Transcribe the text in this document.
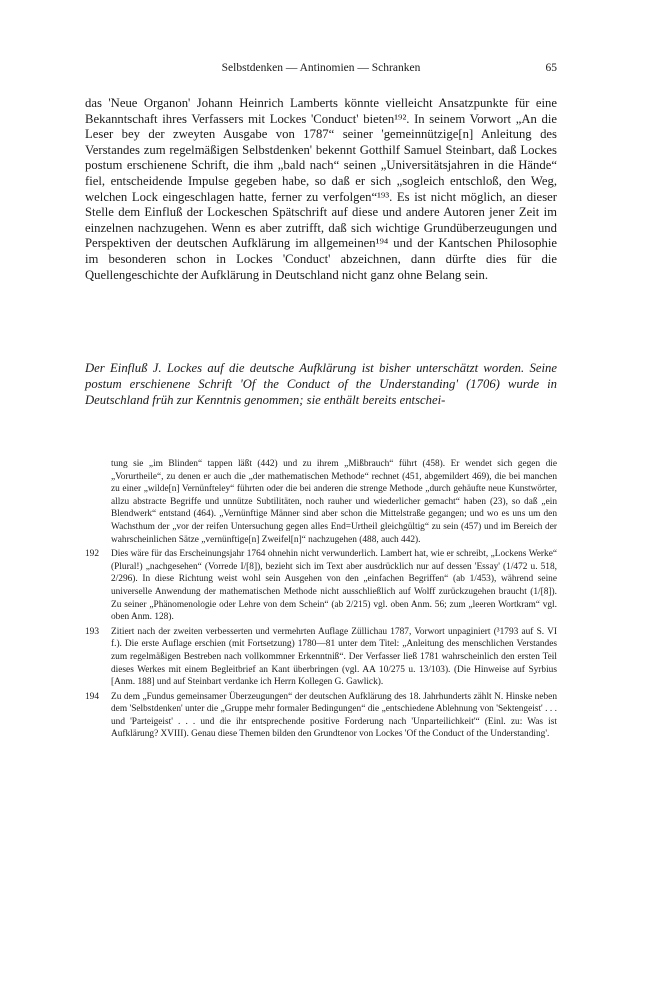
Selbstdenken — Antinomien — Schranken	65

das 'Neue Organon' Johann Heinrich Lamberts könnte vielleicht Ansatzpunkte für eine Bekanntschaft ihres Verfassers mit Lockes 'Conduct' bieten¹⁹². In seinem Vorwort „An die Leser bey der zweyten Ausgabe von 1787“ seiner 'gemeinnützige[n] Anleitung des Verstandes zum regelmäßigen Selbstdenken' bekennt Gotthilf Samuel Steinbart, daß Lockes postum erschienene Schrift, die ihm „bald nach“ seinen „Universitätsjahren in die Hände“ fiel, entscheidende Impulse gegeben habe, so daß er sich „sogleich entschloß, den Weg, welchen Lock eingeschlagen hatte, ferner zu verfolgen“¹⁹³. Es ist nicht möglich, an dieser Stelle dem Einfluß der Lockeschen Spätschrift auf diese und andere Autoren jener Zeit im einzelnen nachzugehen. Wenn es aber zutrifft, daß sich wichtige Grundüberzeugungen und Perspektiven der deutschen Aufklärung im allgemeinen¹⁹⁴ und der Kantschen Philosophie im besonderen schon in Lockes 'Conduct' abzeichnen, dann dürfte dies für die Quellengeschichte der Aufklärung in Deutschland nicht ganz ohne Belang sein.

Der Einfluß J. Lockes auf die deutsche Aufklärung ist bisher unterschätzt worden. Seine postum erschienene Schrift 'Of the Conduct of the Understanding' (1706) wurde in Deutschland früh zur Kenntnis genommen; sie enthält bereits entschei-

tung sie „im Blinden“ tappen läßt (442) und zu ihrem „Mißbrauch“ führt (458). Er wendet sich gegen die „Vorurtheile“, zu denen er auch die „der mathematischen Methode“ rechnet (451, abgemildert 469), die bei manchen zu einer „wilde[n] Vernünfteley“ führten oder die bei anderen die strenge Methode „durch gehäufte neue Kunstwörter, allzu abstracte Begriffe und unnütze Subtilitäten, noch rauher und wiederlicher gemacht“ haben (23), so daß „ein Blendwerk“ entstand (464). „Vernünftige Männer sind aber schon die Mittelstraße gegangen; und wo es uns um den Wachsthum der „vor der reifen Untersuchung gegen alles End=Urtheil gleichgültig“ zu sein (457) und im Bereich der wahrscheinlichen Sätze „vernünftige[n] Zweifel[n]“ nachzugehen (488, auch 442).

192 Dies wäre für das Erscheinungsjahr 1764 ohnehin nicht verwunderlich. Lambert hat, wie er schreibt, „Lockens Werke“ (Plural!) „nachgesehen“ (Vorrede I/[8]), bezieht sich im Text aber ausdrücklich nur auf dessen 'Essay' (1/472 u. 518, 2/296). In diese Richtung weist wohl sein Ausgehen von den „einfachen Begriffen“ (ab 1/453), während seine universelle Anwendung der mathematischen Methode nicht ausschließlich auf Wolff zurückzugehen braucht (1/[8]). Zu seiner „Phänomenologie oder Lehre von dem Schein“ (ab 2/215) vgl. oben Anm. 56; zum „leeren Wortkram“ vgl. oben Anm. 128).
193 Zitiert nach der zweiten verbesserten und vermehrten Auflage Züllichau 1787, Vorwort unpaginiert (³1793 auf S. VI f.). Die erste Auflage erschien (mit Fortsetzung) 1780—81 unter dem Titel: „Anleitung des menschlichen Verstandes zum regelmäßigen Bestreben nach vollkommner Erkenntniß“. Der Verfasser ließ 1781 wahrscheinlich den ersten Teil dieses Werkes mit einem Begleitbrief an Kant überbringen (vgl. AA 10/275 u. 13/103). (Die Hinweise auf Syrbius [Anm. 188] und auf Steinbart verdanke ich Herrn Kollegen G. Gawlick).
194 Zu dem „Fundus gemeinsamer Überzeugungen“ der deutschen Aufklärung des 18. Jahrhunderts zählt N. Hinske neben dem 'Selbstdenken' unter die „Gruppe mehr formaler Bedingungen“ die „entschiedene Ablehnung von 'Sektengeist' . . . und 'Parteigeist' . . . und die ihr entsprechende positive Forderung nach 'Unparteilichkeit'“ (Einl. zu: Was ist Aufklärung? XVIII). Genau diese Themen bilden den Grundtenor von Lockes 'Of the Conduct of the Understanding'.
